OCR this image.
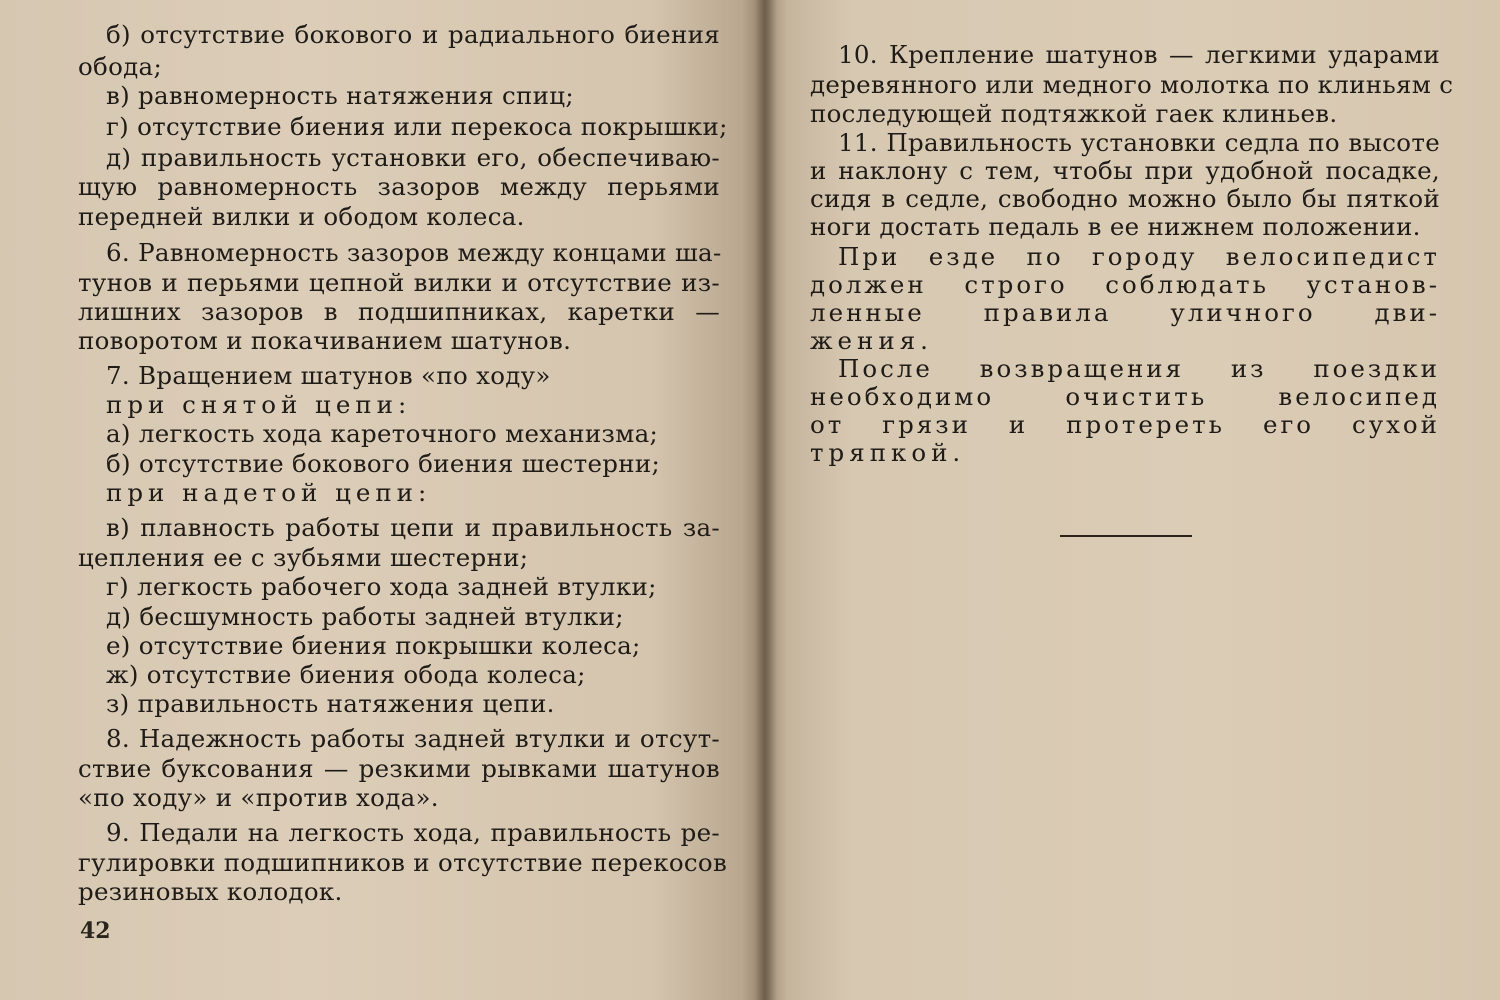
б) отсутствие бокового и радиального биения
обода;
в) равномерность натяжения спиц;
г) отсутствие биения или перекоса покрышки;
д) правильность установки его, обеспечиваю-
щую равномерность зазоров между перьями
передней вилки и ободом колеса.
6. Равномерность зазоров между концами ша-
тунов и перьями цепной вилки и отсутствие из-
лишних зазоров в подшипниках, каретки —
поворотом и покачиванием шатунов.
7. Вращением шатунов «по ходу»
при снятой цепи:
а) легкость хода кареточного механизма;
б) отсутствие бокового биения шестерни;
при надетой цепи:
в) плавность работы цепи и правильность за-
цепления ее с зубьями шестерни;
г) легкость рабочего хода задней втулки;
д) бесшумность работы задней втулки;
е) отсутствие биения покрышки колеса;
ж) отсутствие биения обода колеса;
з) правильность натяжения цепи.
8. Надежность работы задней втулки и отсут-
ствие буксования — резкими рывками шатунов
«по ходу» и «против хода».
9. Педали на легкость хода, правильность ре-
гулировки подшипников и отсутствие перекосов
резиновых колодок.
42
10. Крепление шатунов — легкими ударами
деревянного или медного молотка по клиньям с
последующей подтяжкой гаек клиньев.
11. Правильность установки седла по высоте
и наклону с тем, чтобы при удобной посадке,
сидя в седле, свободно можно было бы пяткой
ноги достать педаль в ее нижнем положении.
При езде по городу велосипедист
должен строго соблюдать установ-
ленные правила уличного дви-
жения.
После возвращения из поездки
необходимо очистить велосипед
от грязи и протереть его сухой
тряпкой.
